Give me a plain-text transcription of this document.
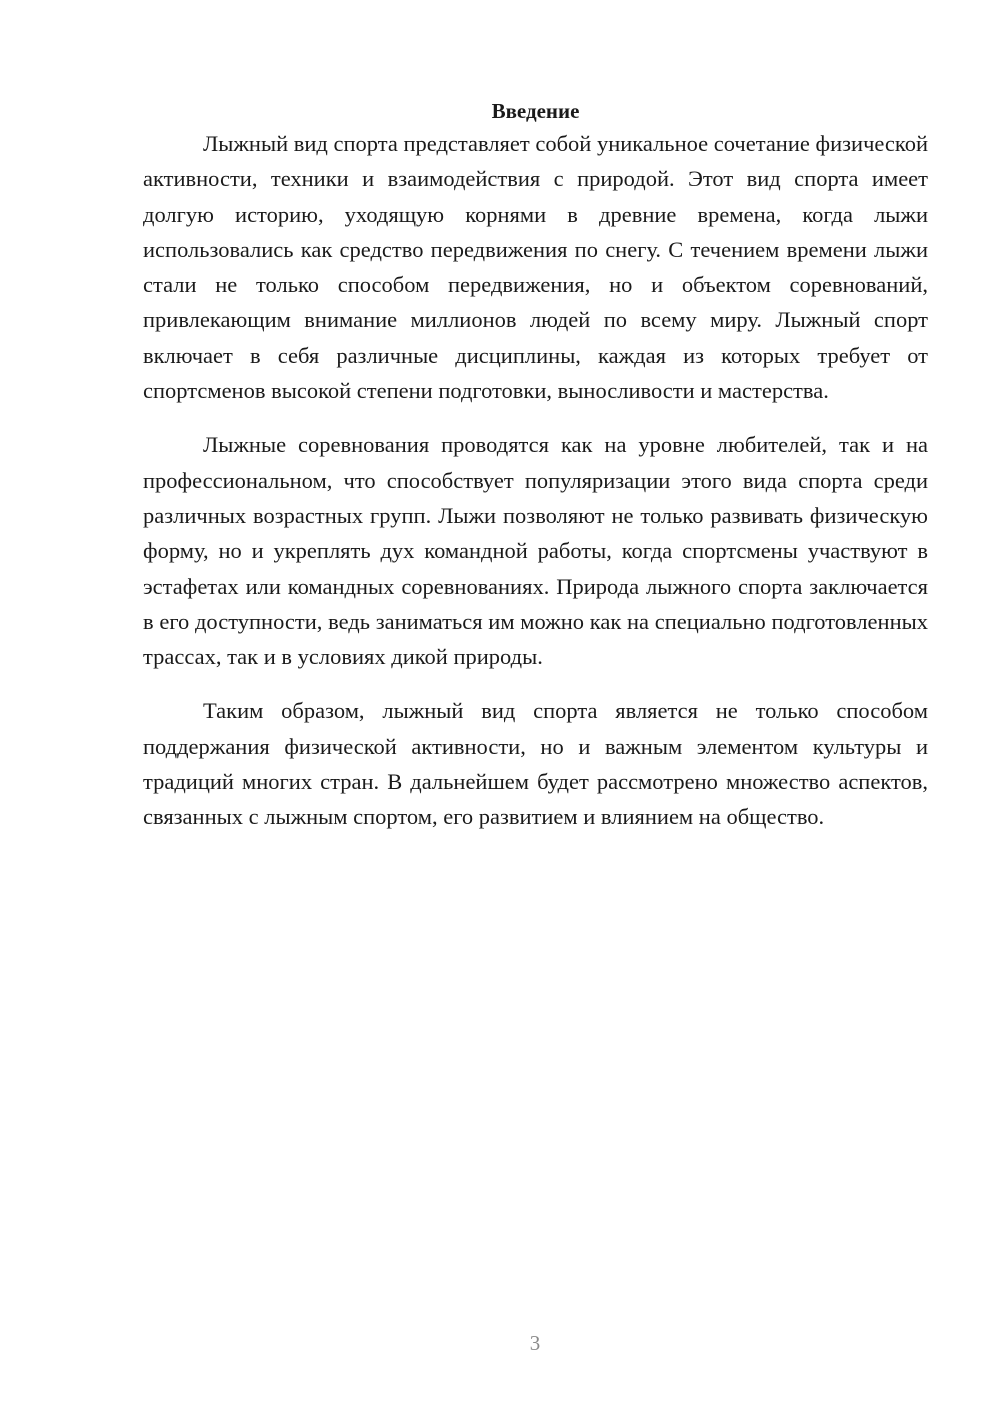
Введение

Лыжный вид спорта представляет собой уникальное сочетание физической активности, техники и взаимодействия с природой. Этот вид спорта имеет долгую историю, уходящую корнями в древние времена, когда лыжи использовались как средство передвижения по снегу. С течением времени лыжи стали не только способом передвижения, но и объектом соревнований, привлекающим внимание миллионов людей по всему миру. Лыжный спорт включает в себя различные дисциплины, каждая из которых требует от спортсменов высокой степени подготовки, выносливости и мастерства.

Лыжные соревнования проводятся как на уровне любителей, так и на профессиональном, что способствует популяризации этого вида спорта среди различных возрастных групп. Лыжи позволяют не только развивать физическую форму, но и укреплять дух командной работы, когда спортсмены участвуют в эстафетах или командных соревнованиях. Природа лыжного спорта заключается в его доступности, ведь заниматься им можно как на специально подготовленных трассах, так и в условиях дикой природы.

Таким образом, лыжный вид спорта является не только способом поддержания физической активности, но и важным элементом культуры и традиций многих стран. В дальнейшем будет рассмотрено множество аспектов, связанных с лыжным спортом, его развитием и влиянием на общество.

3
